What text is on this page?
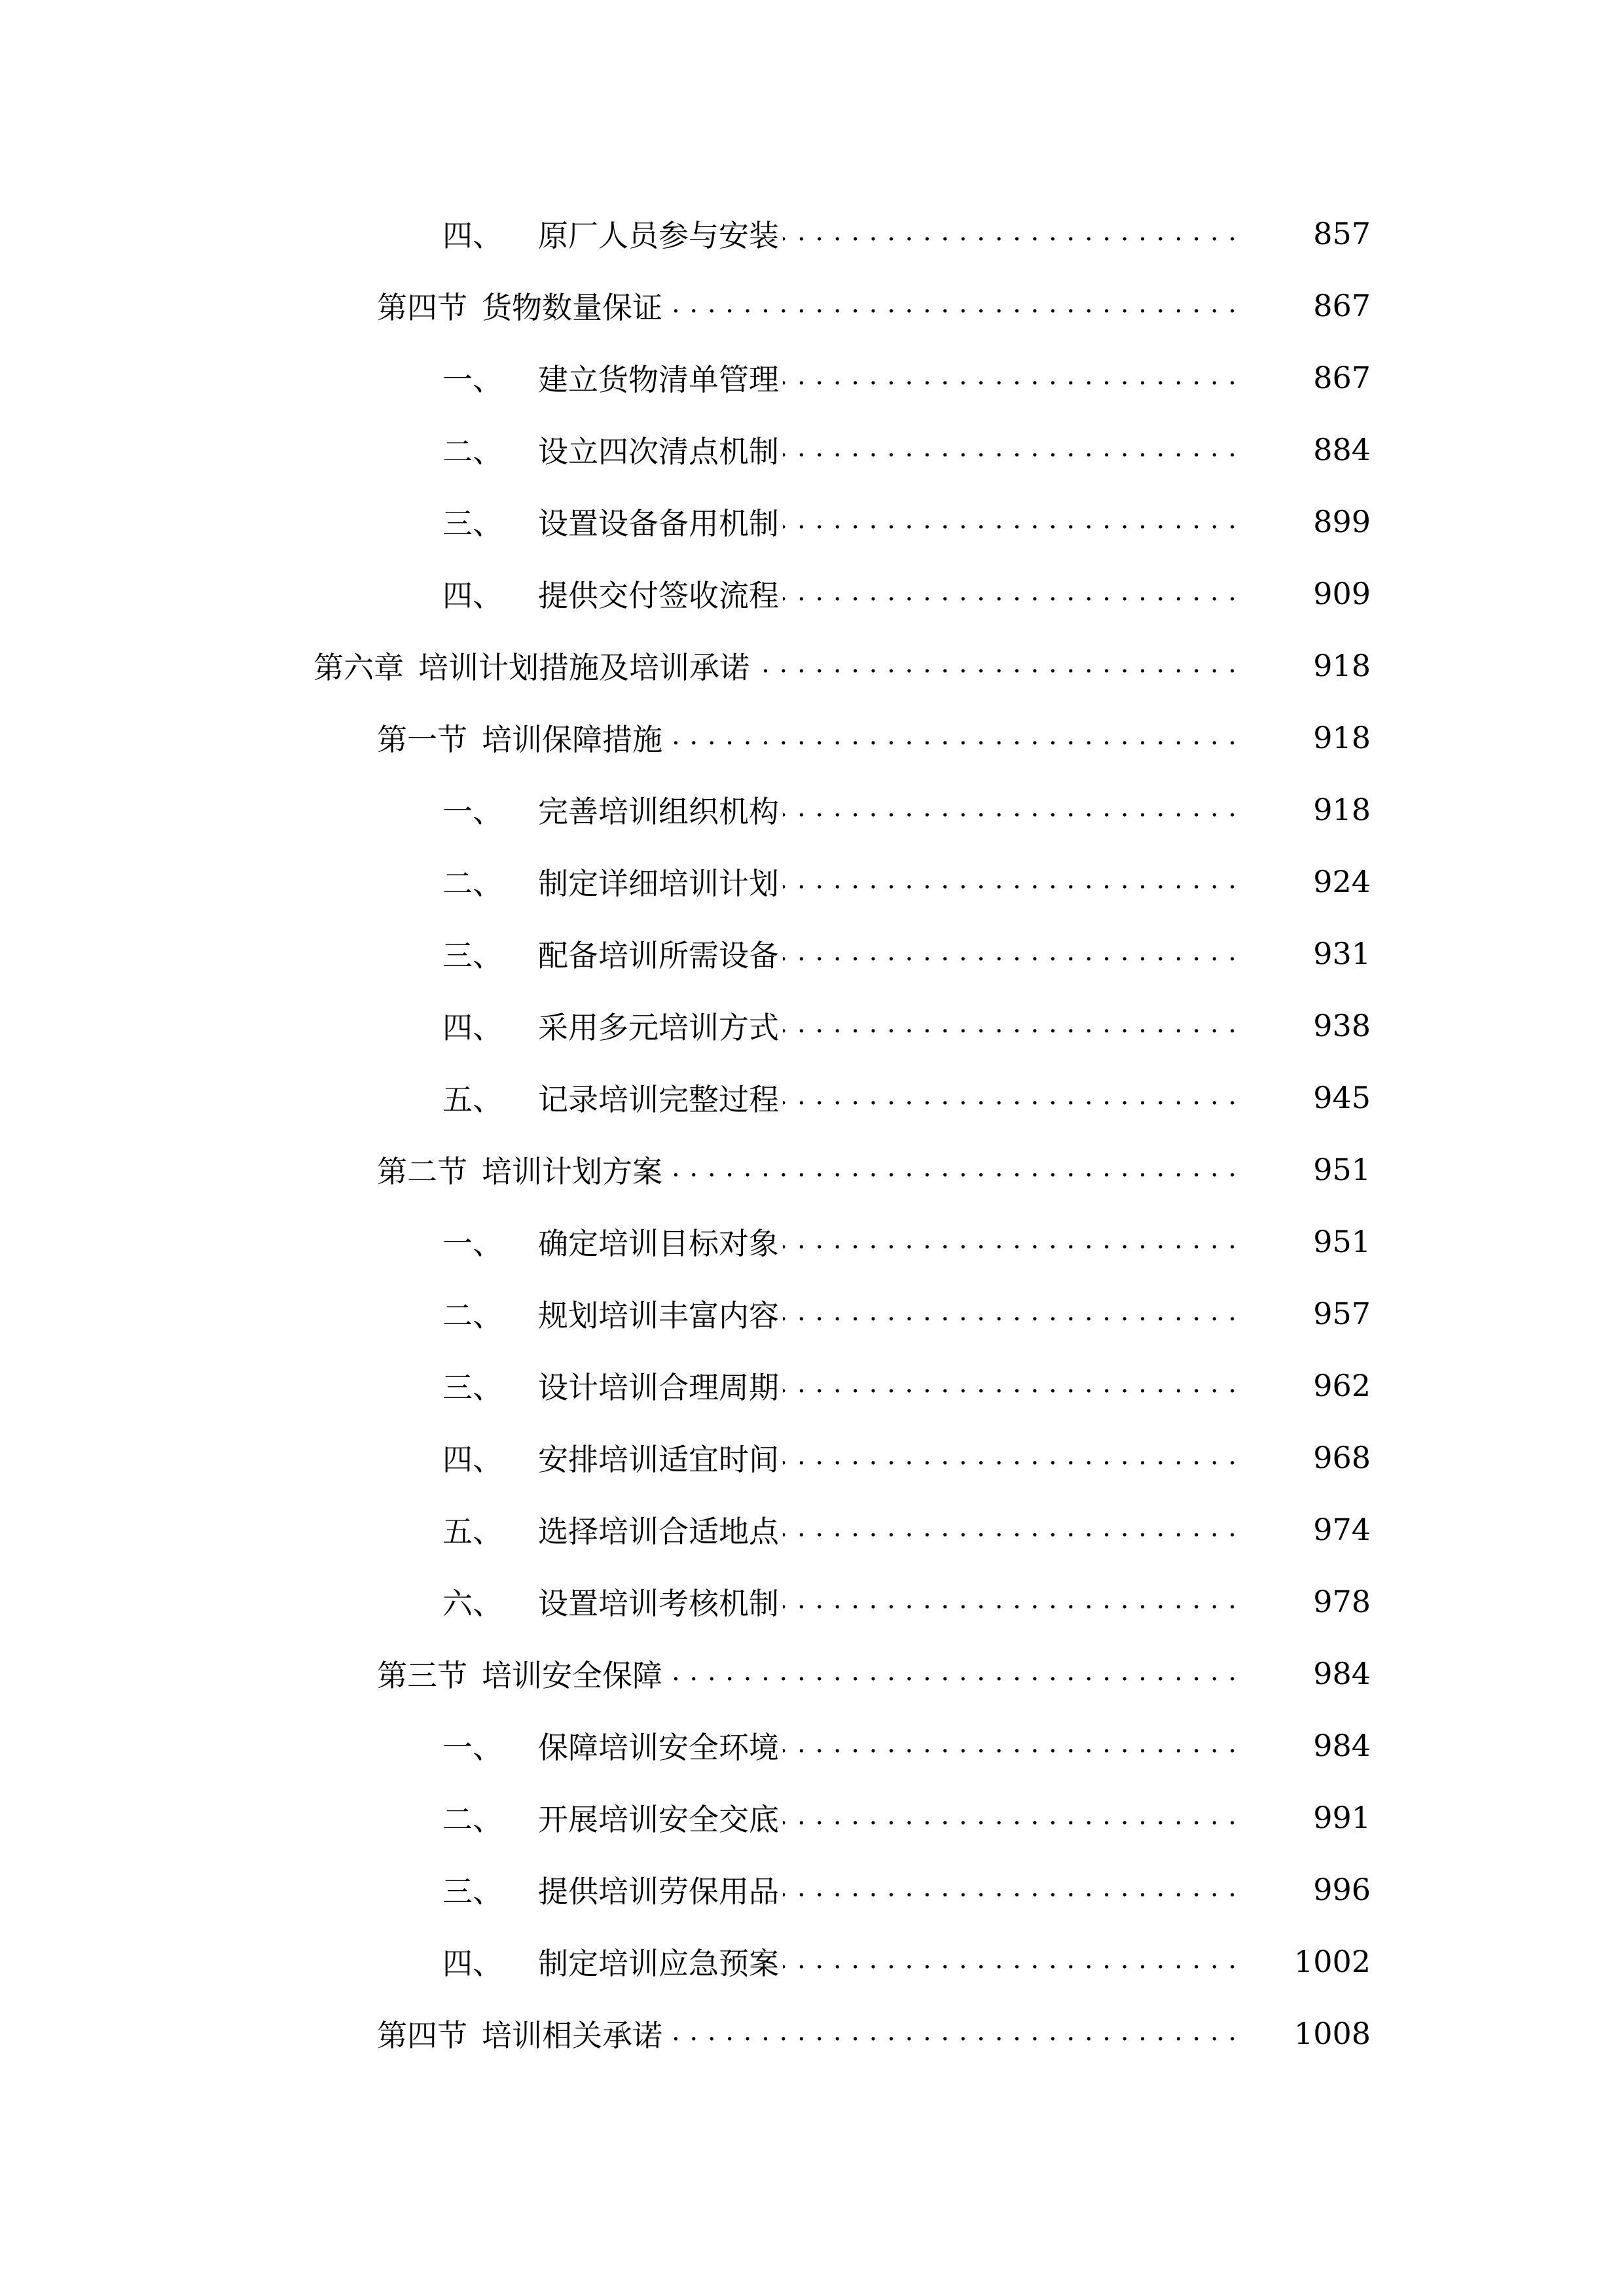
四、 原厂人员参与安装 . . .	857
第四节 货物数量保证 . . .	867
一、 建立货物清单管理 . . .	867
二、 设立四次清点机制 . . .	884
三、 设置设备备用机制 . . .	899
四、 提供交付签收流程 . . .	909
第六章 培训计划措施及培训承诺 . . .	918
第一节 培训保障措施 . . .	918
一、 完善培训组织机构 . . .	918
二、 制定详细培训计划 . . .	924
三、 配备培训所需设备 . . .	931
四、 采用多元培训方式 . . .	938
五、 记录培训完整过程 . . .	945
第二节 培训计划方案 . . .	951
一、 确定培训目标对象 . . .	951
二、 规划培训丰富内容 . . .	957
三、 设计培训合理周期 . . .	962
四、 安排培训适宜时间 . . .	968
五、 选择培训合适地点 . . .	974
六、 设置培训考核机制 . . .	978
第三节 培训安全保障 . . .	984
一、 保障培训安全环境 . . .	984
二、 开展培训安全交底 . . .	991
三、 提供培训劳保用品 . . .	996
四、 制定培训应急预案 . . .	1002
第四节 培训相关承诺 . . .	1008
